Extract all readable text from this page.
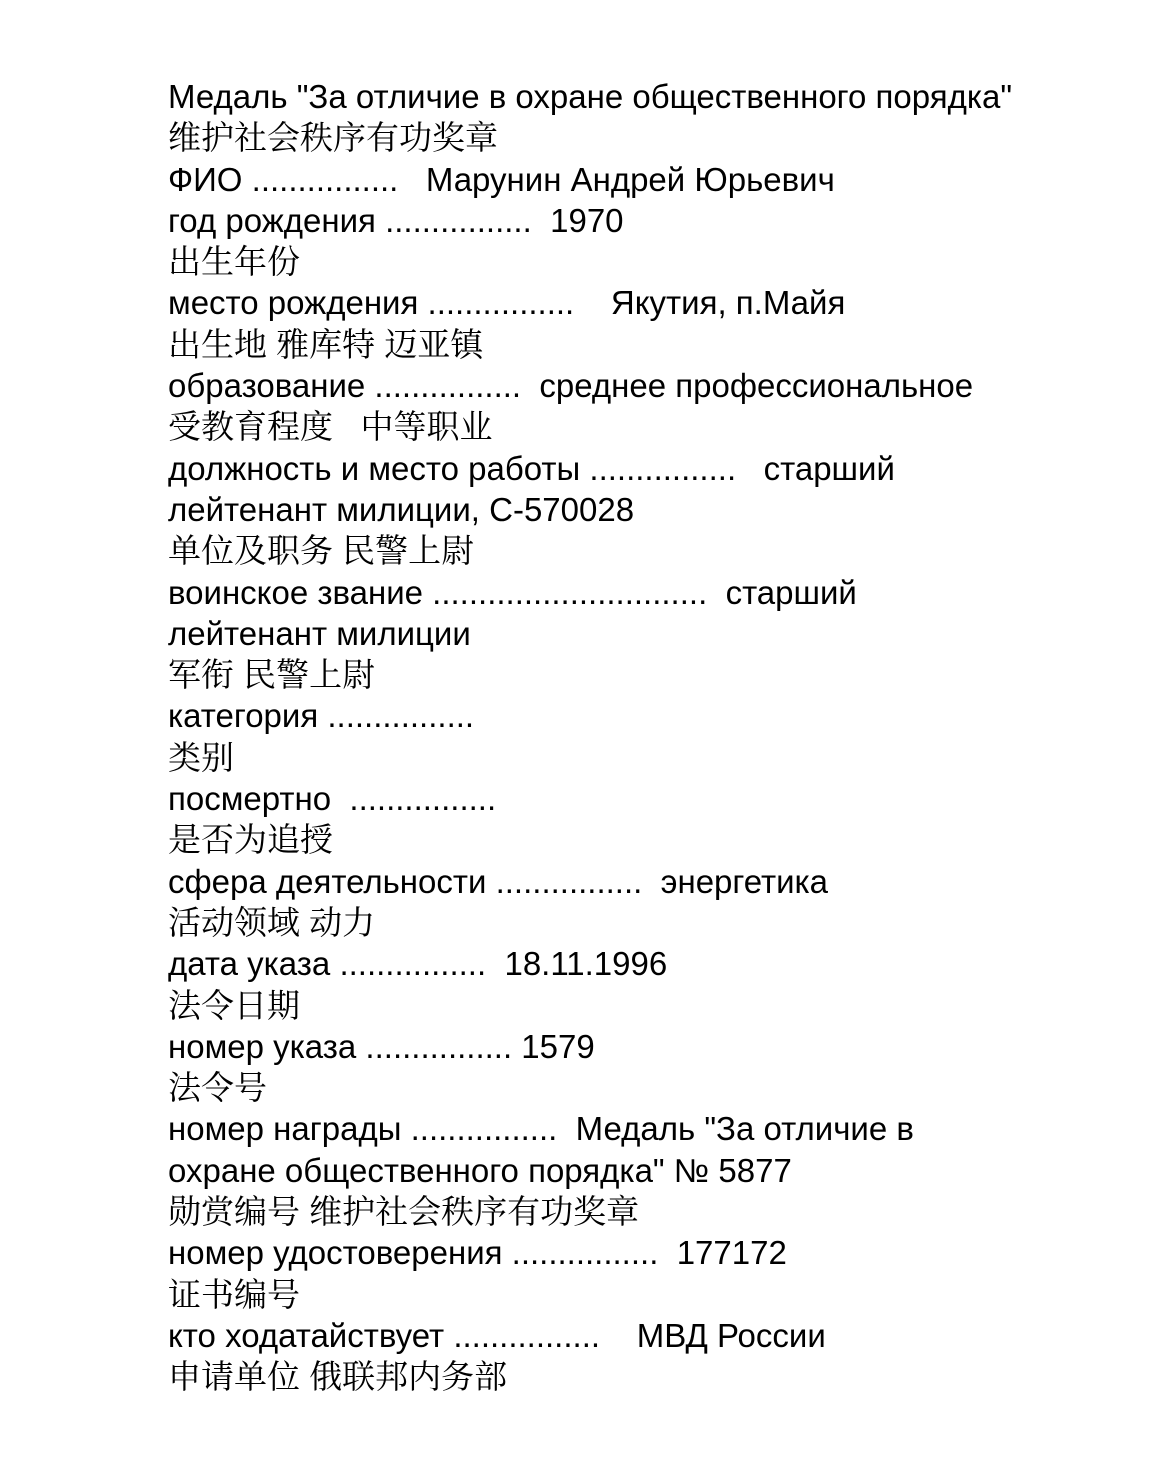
Медаль "За отличие в охране общественного порядка"

维护社会秩序有功奖章

ФИО ................   Марунин Андрей Юрьевич

год рождения ................  1970

出生年份

место рождения ................    Якутия, п.Майя

出生地 雅库特 迈亚镇

образование ................  среднее профессиональное

受教育程度   中等职业

должность и место работы ................   старший

лейтенант милиции, С-570028

单位及职务 民警上尉

воинское звание ..............................  старший

лейтенант милиции

军衔 民警上尉

категория ................

类别

посмертно  ................

是否为追授

сфера деятельности ................  энергетика

活动领域 动力

дата указа ................  18.11.1996

法令日期

номер указа ................ 1579

法令号

номер награды ................  Медаль "За отличие в

охране общественного порядка" № 5877

勋赏编号 维护社会秩序有功奖章

номер удостоверения ................  177172

证书编号

кто ходатайствует ................    МВД России

申请单位 俄联邦内务部
